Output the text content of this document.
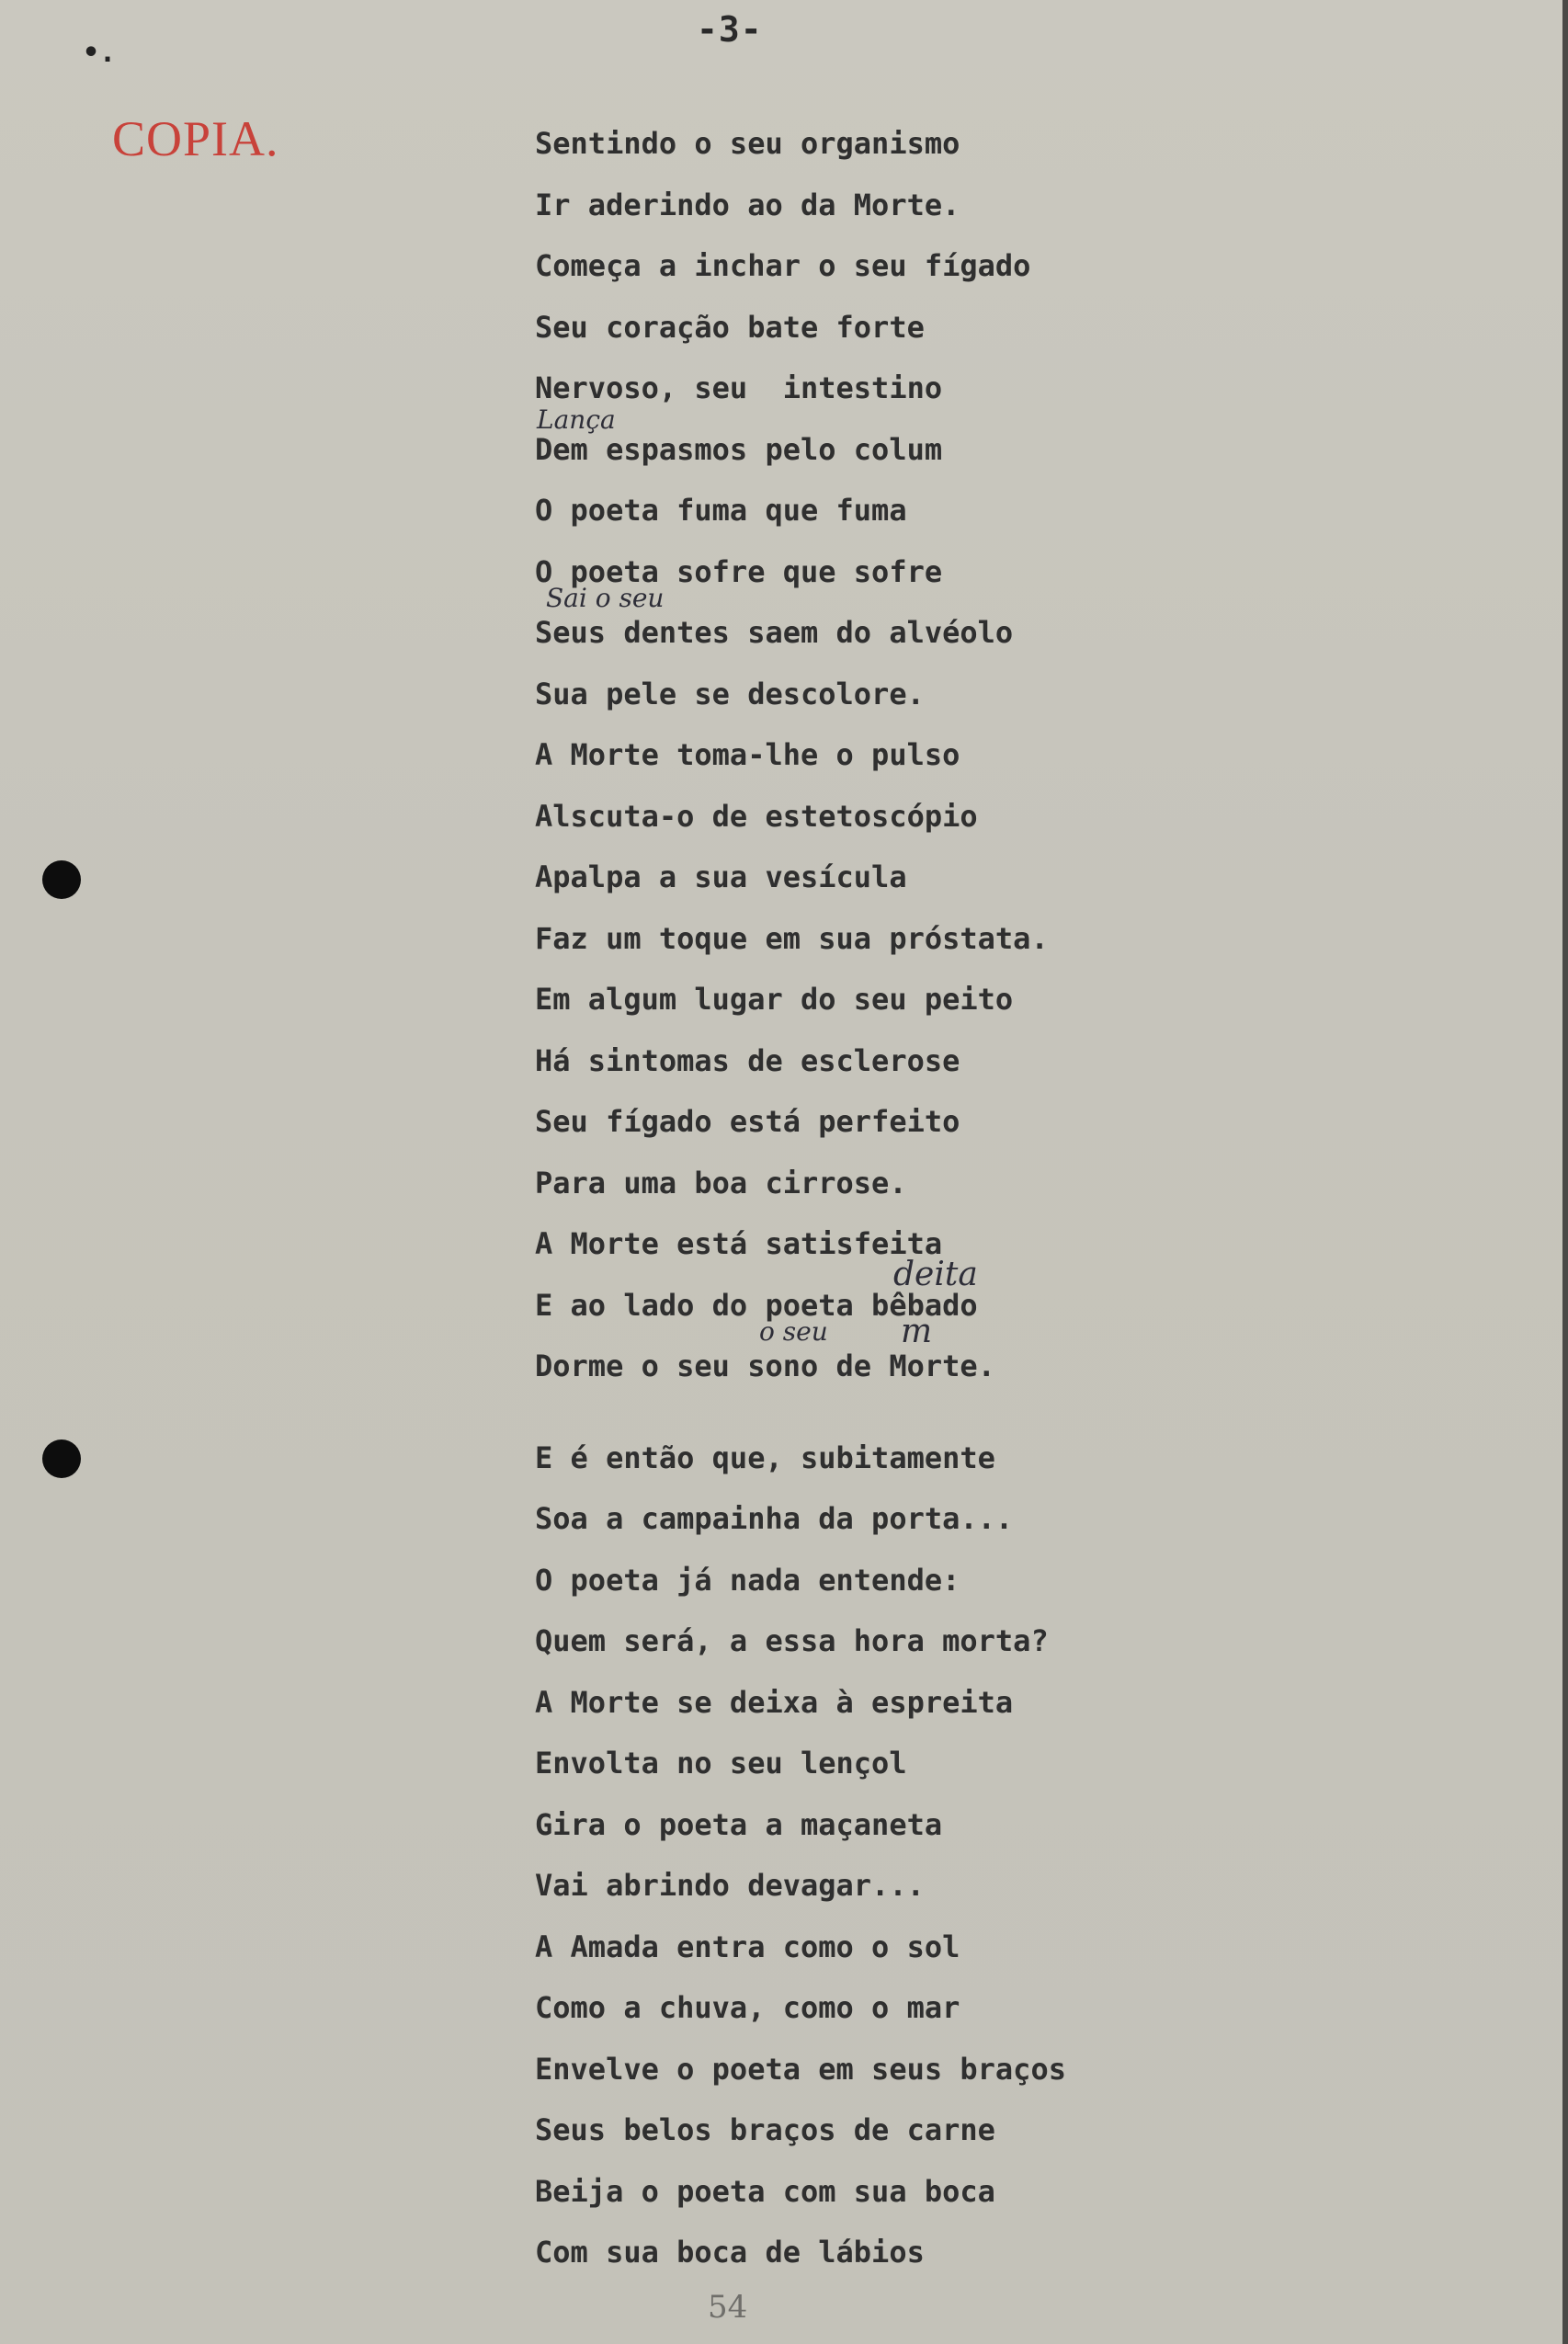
-3-
•.
COPIA.	Sentindo o seu organismo
Ir aderindo ao da Morte.
Começa a inchar o seu fígado
Seu coração bate forte
Nervoso, seu  intestino
Dem espasmos pelo colum
O poeta fuma que fuma
O poeta sofre que sofre
Seus dentes saem do alvéolo
Sua pele se descolore.
A Morte toma-lhe o pulso
Alscuta-o de estetoscópio
Apalpa a sua vesícula
Faz um toque em sua próstata.
Em algum lugar do seu peito
Há sintomas de esclerose
Seu fígado está perfeito
Para uma boa cirrose.
A Morte está satisfeita
E ao lado do poeta bêbado
Dorme o seu sono de Morte.
E é então que, subitamente
Soa a campainha da porta...
O poeta já nada entende:
Quem será, a essa hora morta?
A Morte se deixa à espreita
Envolta no seu lençol
Gira o poeta a maçaneta
Vai abrindo devagar...
A Amada entra como o sol
Como a chuva, como o mar
Envelve o poeta em seus braços
Seus belos braços de carne
Beija o poeta com sua boca
Com sua boca de lábios
Lança
Sai o seu
deita
o seu m
54
